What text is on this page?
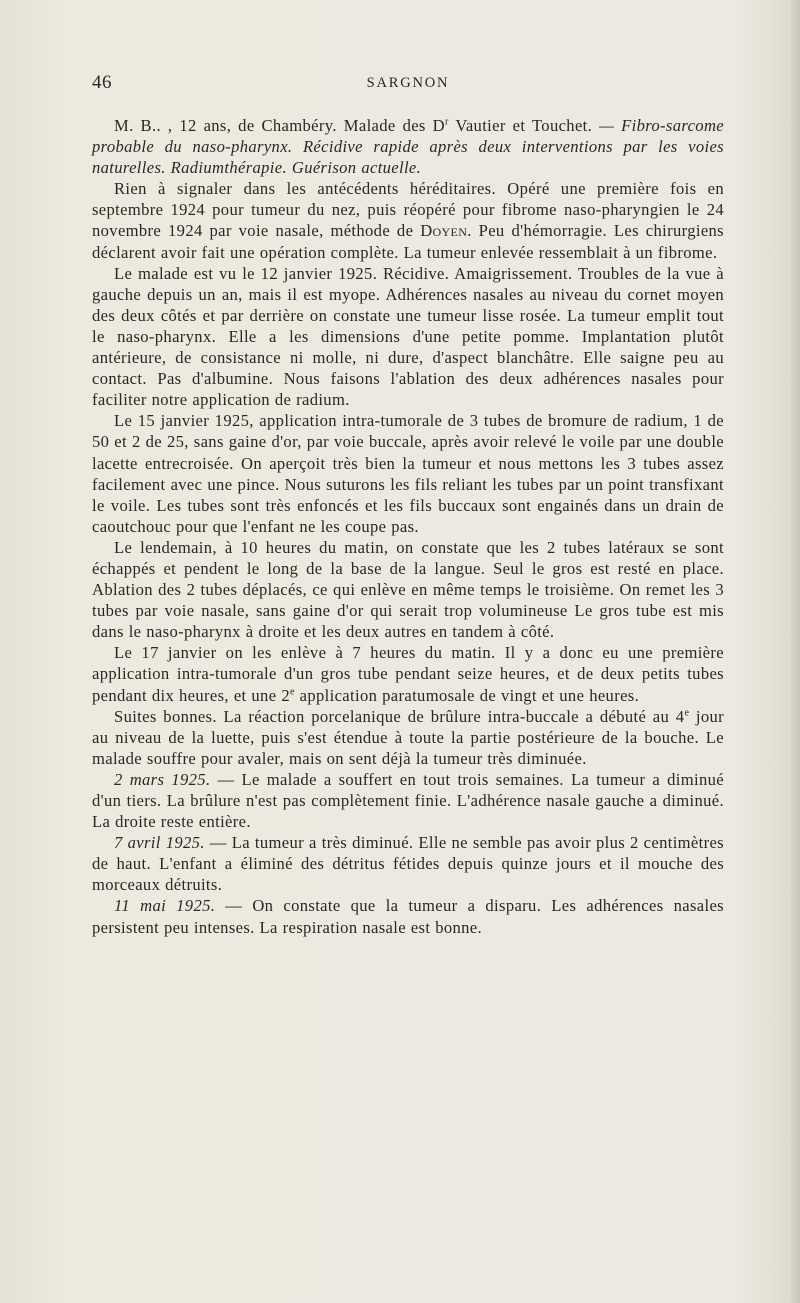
46	SARGNON

M. B.. , 12 ans, de Chambéry. Malade des $D^r$ Vautier et Touchet. — Fibro-sarcome probable du naso-pharynx. Récidive rapide après deux interventions par les voies naturelles. Radiumthérapie. Guérison actuelle.

Rien à signaler dans les antécédents héréditaires. Opéré une première fois en septembre 1924 pour tumeur du nez, puis réopéré pour fibrome naso-pharyngien le 24 novembre 1924 par voie nasale, méthode de Doyen. Peu d'hémorragie. Les chirurgiens déclarent avoir fait une opération complète. La tumeur enlevée ressemblait à un fibrome.

Le malade est vu le 12 janvier 1925. Récidive. Amaigrissement. Troubles de la vue à gauche depuis un an, mais il est myope. Adhérences nasales au niveau du cornet moyen des deux côtés et par derrière on constate une tumeur lisse rosée. La tumeur emplit tout le naso-pharynx. Elle a les dimensions d'une petite pomme. Implantation plutôt antérieure, de consistance ni molle, ni dure, d'aspect blanchâtre. Elle saigne peu au contact. Pas d'albumine. Nous faisons l'ablation des deux adhérences nasales pour faciliter notre application de radium.

Le 15 janvier 1925, application intra-tumorale de 3 tubes de bromure de radium, 1 de 50 et 2 de 25, sans gaine d'or, par voie buccale, après avoir relevé le voile par une double lacette entrecroisée. On aperçoit très bien la tumeur et nous mettons les 3 tubes assez facilement avec une pince. Nous suturons les fils reliant les tubes par un point transfixant le voile. Les tubes sont très enfoncés et les fils buccaux sont engainés dans un drain de caoutchouc pour que l'enfant ne les coupe pas.

Le lendemain, à 10 heures du matin, on constate que les 2 tubes latéraux se sont échappés et pendent le long de la base de la langue. Seul le gros est resté en place. Ablation des 2 tubes déplacés, ce qui enlève en même temps le troisième. On remet les 3 tubes par voie nasale, sans gaine d'or qui serait trop volumineuse Le gros tube est mis dans le naso-pharynx à droite et les deux autres en tandem à côté.

Le 17 janvier on les enlève à 7 heures du matin. Il y a donc eu une première application intra-tumorale d'un gros tube pendant seize heures, et de deux petits tubes pendant dix heures, et une 2e application paratumosale de vingt et une heures.

Suites bonnes. La réaction porcelanique de brûlure intra-buccale a débuté au 4e jour au niveau de la luette, puis s'est étendue à toute la partie postérieure de la bouche. Le malade souffre pour avaler, mais on sent déjà la tumeur très diminuée.

2 mars 1925. — Le malade a souffert en tout trois semaines. La tumeur a diminué d'un tiers. La brûlure n'est pas complètement finie. L'adhérence nasale gauche a diminué. La droite reste entière.

7 avril 1925. — La tumeur a très diminué. Elle ne semble pas avoir plus 2 centimètres de haut. L'enfant a éliminé des détritus fétides depuis quinze jours et il mouche des morceaux détruits.

11 mai 1925. — On constate que la tumeur a disparu. Les adhérences nasales persistent peu intenses. La respiration nasale est bonne.
